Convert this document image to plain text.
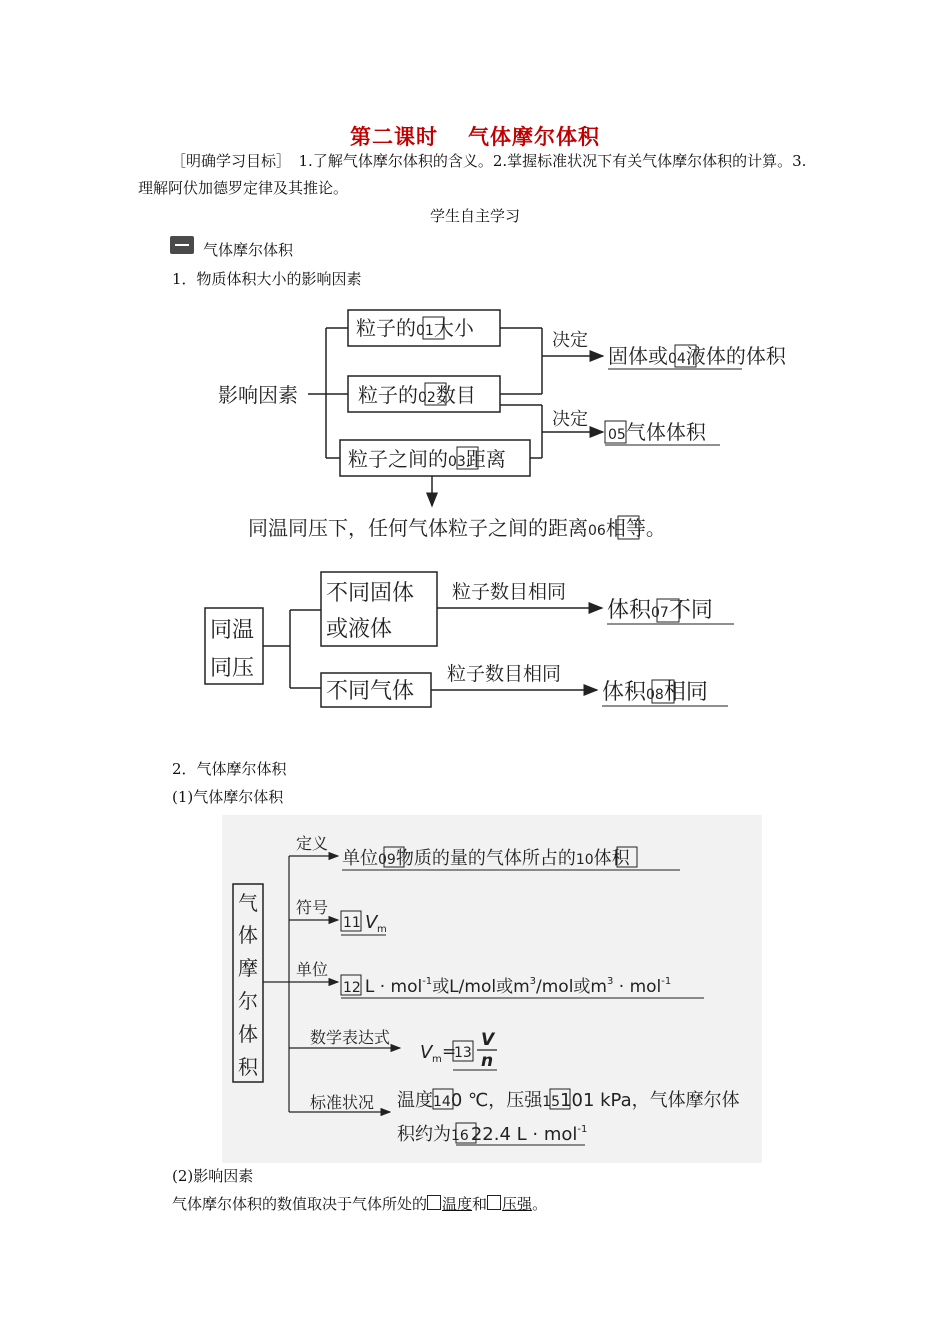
第二课时 气体摩尔体积
［明确学习目标］　1.了解气体摩尔体积的含义。2.掌握标准状况下有关气体摩尔体积的计算。3.理解阿伏加德罗定律及其推论。
学生自主学习
气体摩尔体积
1．物质体积大小的影响因素
影响因素
粒子的01大小
粒子的02数目
粒子之间的03距离
决定
固体或04液体的体积
决定
05气体体积
同温同压下，任何气体粒子之间的距离06相等。
同温
同压
不同固体
或液体
粒子数目相同
体积07不同
不同气体
粒子数目相同
体积08相同
2．气体摩尔体积
(1)气体摩尔体积
气
体
摩
尔
体
积
定义
符号
单位
数学表达式
标准状况
单位09物质的量的气体所占的10体积
11 V m
12 L · mol$^{-1}$或L/mol或$m^3$/mol或$m^3 \cdot mol^{-1}$
V m =
13
V
n
温度140 ℃，压强15101 kPa，气体摩尔体
积约为16 22.4 L · mol$^{-1}$
(2)影响因素
气体摩尔体积的数值取决于气体所处的 温度和 压强。
